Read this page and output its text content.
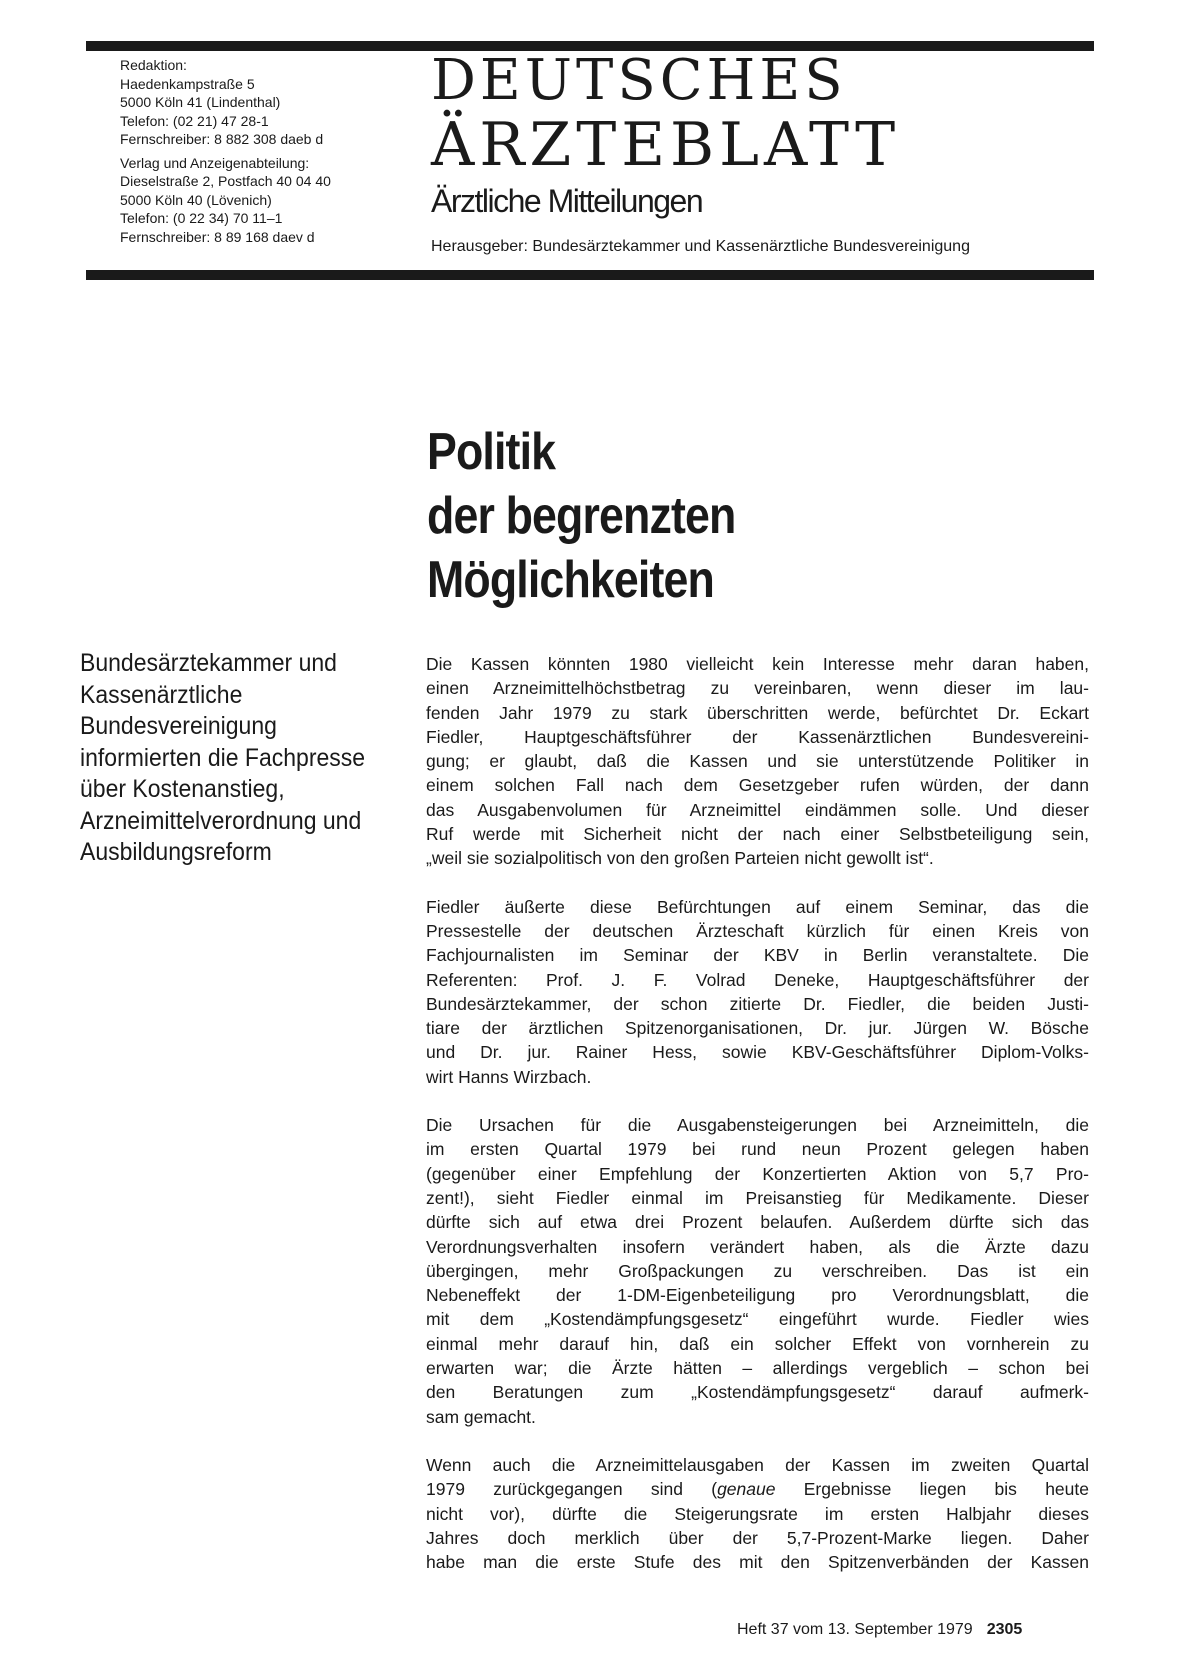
Redaktion:
Haedenkampstraße 5
5000 Köln 41 (Lindenthal)
Telefon: (02 21) 47 28-1
Fernschreiber: 8 882 308 daeb d
Verlag und Anzeigenabteilung:
Dieselstraße 2, Postfach 40 04 40
5000 Köln 40 (Lövenich)
Telefon: (0 22 34) 70 11–1
Fernschreiber: 8 89 168 daev d
DEUTSCHES
ÄRZTEBLATT
Ärztliche Mitteilungen
Herausgeber: Bundesärztekammer und Kassenärztliche Bundesvereinigung
Politik
der begrenzten
Möglichkeiten
Bundesärztekammer und
Kassenärztliche
Bundesvereinigung
informierten die Fachpresse
über Kostenanstieg,
Arzneimittelverordnung und
Ausbildungsreform

Die Kassen könnten 1980 vielleicht kein Interesse mehr daran haben,
einen Arzneimittelhöchstbetrag zu vereinbaren, wenn dieser im lau-
fenden Jahr 1979 zu stark überschritten werde, befürchtet Dr. Eckart
Fiedler, Hauptgeschäftsführer der Kassenärztlichen Bundesvereini-
gung; er glaubt, daß die Kassen und sie unterstützende Politiker in
einem solchen Fall nach dem Gesetzgeber rufen würden, der dann
das Ausgabenvolumen für Arzneimittel eindämmen solle. Und dieser
Ruf werde mit Sicherheit nicht der nach einer Selbstbeteiligung sein,
„weil sie sozialpolitisch von den großen Parteien nicht gewollt ist“.

Fiedler äußerte diese Befürchtungen auf einem Seminar, das die
Pressestelle der deutschen Ärzteschaft kürzlich für einen Kreis von
Fachjournalisten im Seminar der KBV in Berlin veranstaltete. Die
Referenten: Prof. J. F. Volrad Deneke, Hauptgeschäftsführer der
Bundesärztekammer, der schon zitierte Dr. Fiedler, die beiden Justi-
tiare der ärztlichen Spitzenorganisationen, Dr. jur. Jürgen W. Bösche
und Dr. jur. Rainer Hess, sowie KBV-Geschäftsführer Diplom-Volks-
wirt Hanns Wirzbach.

Die Ursachen für die Ausgabensteigerungen bei Arzneimitteln, die
im ersten Quartal 1979 bei rund neun Prozent gelegen haben
(gegenüber einer Empfehlung der Konzertierten Aktion von 5,7 Pro-
zent!), sieht Fiedler einmal im Preisanstieg für Medikamente. Dieser
dürfte sich auf etwa drei Prozent belaufen. Außerdem dürfte sich das
Verordnungsverhalten insofern verändert haben, als die Ärzte dazu
übergingen, mehr Großpackungen zu verschreiben. Das ist ein
Nebeneffekt der 1-DM-Eigenbeteiligung pro Verordnungsblatt, die
mit dem „Kostendämpfungsgesetz“ eingeführt wurde. Fiedler wies
einmal mehr darauf hin, daß ein solcher Effekt von vornherein zu
erwarten war; die Ärzte hätten – allerdings vergeblich – schon bei
den Beratungen zum „Kostendämpfungsgesetz“ darauf aufmerk-
sam gemacht.

Wenn auch die Arzneimittelausgaben der Kassen im zweiten Quartal
1979 zurückgegangen sind (genaue Ergebnisse liegen bis heute
nicht vor), dürfte die Steigerungsrate im ersten Halbjahr dieses
Jahres doch merklich über der 5,7-Prozent-Marke liegen. Daher
habe man die erste Stufe des mit den Spitzenverbänden der Kassen

Heft 37 vom 13. September 1979 2305
